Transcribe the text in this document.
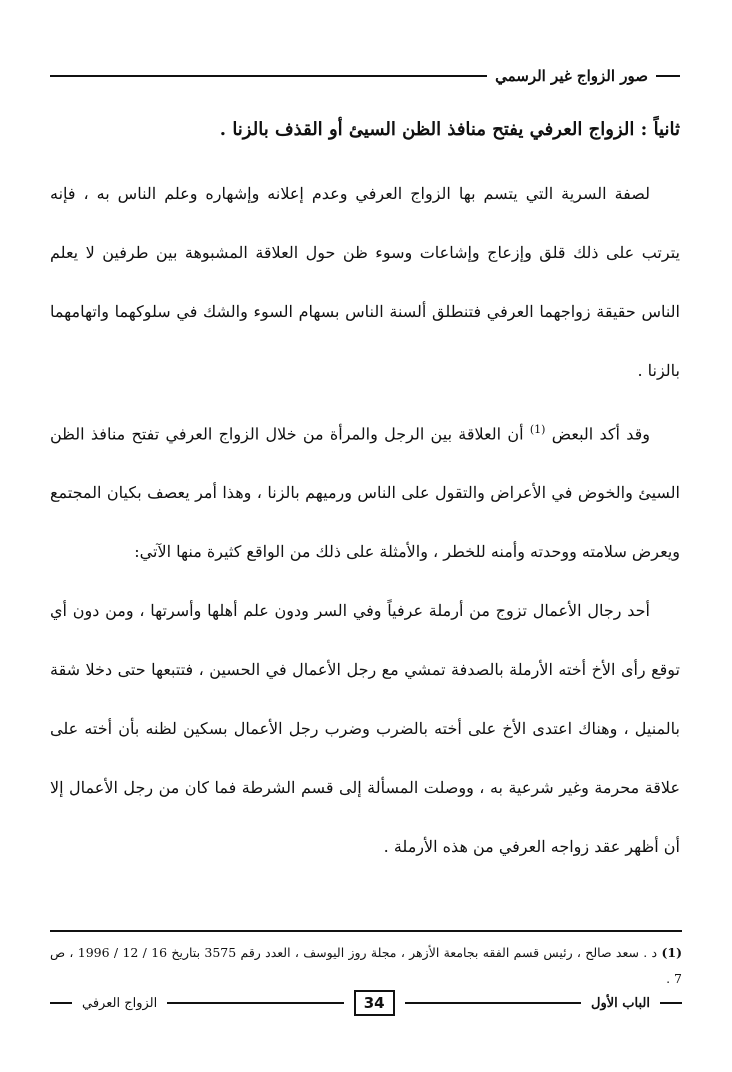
صور الزواج غير الرسمي
ثانياً : الزواج العرفي يفتح منافذ الظن السيئ أو القذف بالزنا .

لصفة السرية التي يتسم بها الزواج العرفي وعدم إعلانه وإشهاره وعلم الناس به ، فإنه يترتب على ذلك قلق وإزعاج وإشاعات وسوء ظن حول العلاقة المشبوهة بين طرفين لا يعلم الناس حقيقة زواجهما العرفي فتنطلق ألسنة الناس بسهام السوء والشك في سلوكهما واتهامهما بالزنا .

وقد أكد البعض $^{(1)}$ أن العلاقة بين الرجل والمرأة من خلال الزواج العرفي تفتح منافذ الظن السيئ والخوض في الأعراض والتقول على الناس ورميهم بالزنا ، وهذا أمر يعصف بكيان المجتمع ويعرض سلامته ووحدته وأمنه للخطر ، والأمثلة على ذلك من الواقع كثيرة منها الآتي:

أحد رجال الأعمال تزوج من أرملة عرفياً وفي السر ودون علم أهلها وأسرتها ، ومن دون أي توقع رأى الأخ أخته الأرملة بالصدفة تمشي مع رجل الأعمال في الحسين ، فتتبعها حتى دخلا شقة بالمنيل ، وهناك اعتدى الأخ على أخته بالضرب وضرب رجل الأعمال بسكين لظنه بأن أخته على علاقة محرمة وغير شرعية به ، ووصلت المسألة إلى قسم الشرطة فما كان من رجل الأعمال إلا أن أظهر عقد زواجه العرفي من هذه الأرملة .

(1) د . سعد صالح ، رئيس قسم الفقه بجامعة الأزهر ، مجلة روز اليوسف ، العدد رقم 3575 بتاريخ 16 / 12 / 1996 ، ص 7 .
الباب الأول
34
الزواج العرفي
